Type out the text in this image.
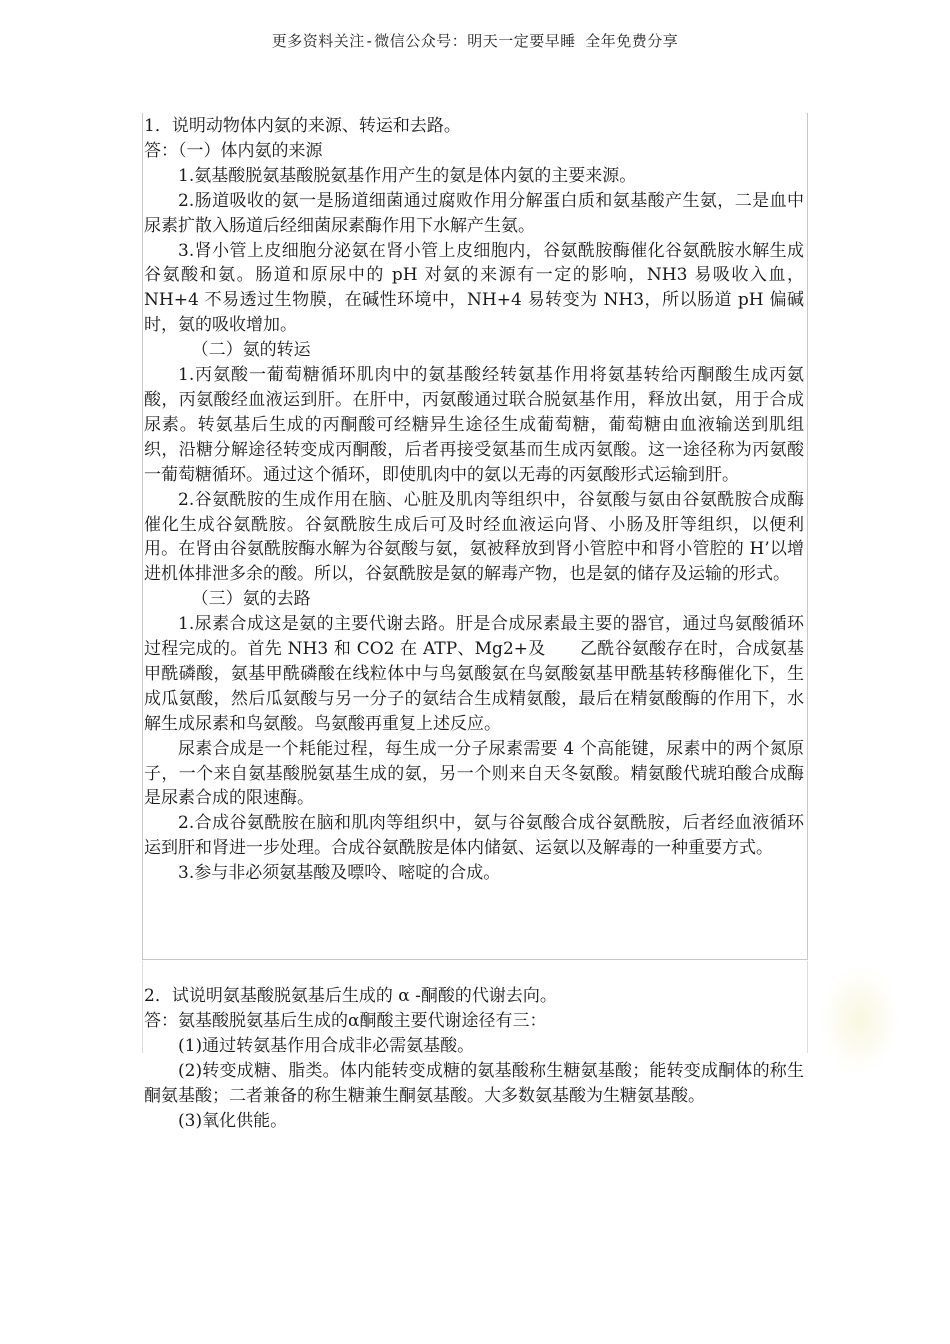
更多资料关注-微信公众号：明天一定要早睡 全年免费分享

1．说明动物体内氨的来源、转运和去路。

答：（一）体内氨的来源

1.氨基酸脱氨基酸脱氨基作用产生的氨是体内氨的主要来源。

2.肠道吸收的氨一是肠道细菌通过腐败作用分解蛋白质和氨基酸产生氨，二是血中尿素扩散入肠道后经细菌尿素酶作用下水解产生氨。

3.肾小管上皮细胞分泌氨在肾小管上皮细胞内，谷氨酰胺酶催化谷氨酰胺水解生成谷氨酸和氨。肠道和原尿中的 pH 对氨的来源有一定的影响，NH3 易吸收入血，NH+4 不易透过生物膜，在碱性环境中，NH+4 易转变为 NH3，所以肠道 pH 偏碱时，氨的吸收增加。

（二）氨的转运

1.丙氨酸一葡萄糖循环肌肉中的氨基酸经转氨基作用将氨基转给丙酮酸生成丙氨酸，丙氨酸经血液运到肝。在肝中，丙氨酸通过联合脱氨基作用，释放出氨，用于合成尿素。转氨基后生成的丙酮酸可经糖异生途径生成葡萄糖，葡萄糖由血液输送到肌组织，沿糖分解途径转变成丙酮酸，后者再接受氨基而生成丙氨酸。这一途径称为丙氨酸一葡萄糖循环。通过这个循环，即使肌肉中的氨以无毒的丙氨酸形式运输到肝。

2.谷氨酰胺的生成作用在脑、心脏及肌肉等组织中，谷氨酸与氨由谷氨酰胺合成酶催化生成谷氨酰胺。谷氨酰胺生成后可及时经血液运向肾、小肠及肝等组织，以便利用。在肾由谷氨酰胺酶水解为谷氨酸与氨，氨被释放到肾小管腔中和肾小管腔的 H’以增进机体排泄多余的酸。所以，谷氨酰胺是氨的解毒产物，也是氨的储存及运输的形式。

（三）氨的去路

1.尿素合成这是氨的主要代谢去路。肝是合成尿素最主要的器官，通过鸟氨酸循环过程完成的。首先 NH3 和 CO2 在 ATP、Mg2+及　　乙酰谷氨酸存在时，合成氨基甲酰磷酸，氨基甲酰磷酸在线粒体中与鸟氨酸氨在鸟氨酸氨基甲酰基转移酶催化下，生成瓜氨酸，然后瓜氨酸与另一分子的氨结合生成精氨酸，最后在精氨酸酶的作用下，水解生成尿素和鸟氨酸。鸟氨酸再重复上述反应。

尿素合成是一个耗能过程，每生成一分子尿素需要 4 个高能键，尿素中的两个氮原子，一个来自氨基酸脱氨基生成的氨，另一个则来自天冬氨酸。精氨酸代琥珀酸合成酶是尿素合成的限速酶。

2.合成谷氨酰胺在脑和肌肉等组织中，氨与谷氨酸合成谷氨酰胺，后者经血液循环运到肝和肾进一步处理。合成谷氨酰胺是体内储氨、运氨以及解毒的一种重要方式。

3.参与非必须氨基酸及嘌呤、嘧啶的合成。

2．试说明氨基酸脱氨基后生成的 α -酮酸的代谢去向。

答：氨基酸脱氨基后生成的α酮酸主要代谢途径有三：

(1)通过转氨基作用合成非必需氨基酸。

(2)转变成糖、脂类。体内能转变成糖的氨基酸称生糖氨基酸；能转变成酮体的称生酮氨基酸；二者兼备的称生糖兼生酮氨基酸。大多数氨基酸为生糖氨基酸。

(3)氧化供能。
